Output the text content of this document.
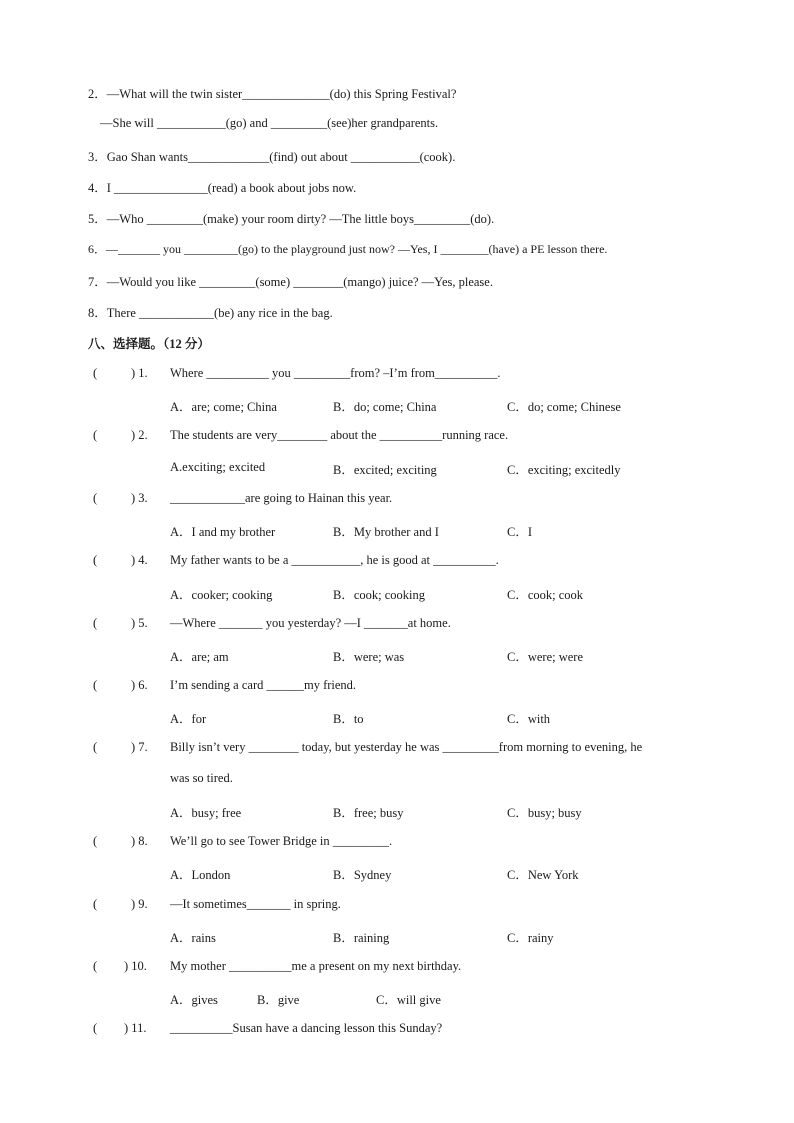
2．—What will the twin sister______________(do) this Spring Festival?
—She will ___________(go) and _________(see)her grandparents.
3．Gao Shan wants_____________(find) out about ___________(cook).
4．I _______________(read) a book about jobs now.
5．—Who _________(make) your room dirty? —The little boys_________(do).
6．—_______ you _________(go) to the playground just now? —Yes, I ________(have) a PE lesson there.
7．—Would you like _________(some) ________(mango) juice? —Yes, please.
8．There ____________(be) any rice in the bag.
八、选择题。（12 分）
(	) 1. Where __________ you _________from? –I’m from__________.
A．are; come; China	B．do; come; China	C．do; come; Chinese
(	) 2. The students are very________ about the __________running race.
A.exciting; excited	B．excited; exciting	C．exciting; excitedly
(	) 3. ____________are going to Hainan this year.
A．I and my brother	B．My brother and I	C．I
(	) 4. My father wants to be a ___________, he is good at __________.
A．cooker; cooking	B．cook; cooking	C．cook; cook
(	) 5. —Where _______ you yesterday? —I _______at home.
A．are; am	B．were; was	C．were; were
(	) 6. I’m sending a card ______my friend.
A．for	B．to	C．with
(	) 7. Billy isn’t very ________ today, but yesterday he was _________from morning to evening, he
was so tired.
A．busy; free	B．free; busy	C．busy; busy
(	) 8. We’ll go to see Tower Bridge in _________.
A．London	B．Sydney	C．New York
(	) 9. —It sometimes_______ in spring.
A．rains	B．raining	C．rainy
( ) 10. My mother __________me a present on my next birthday.
A．gives	B．give	C．will give
( ) 11. __________Susan have a dancing lesson this Sunday?
